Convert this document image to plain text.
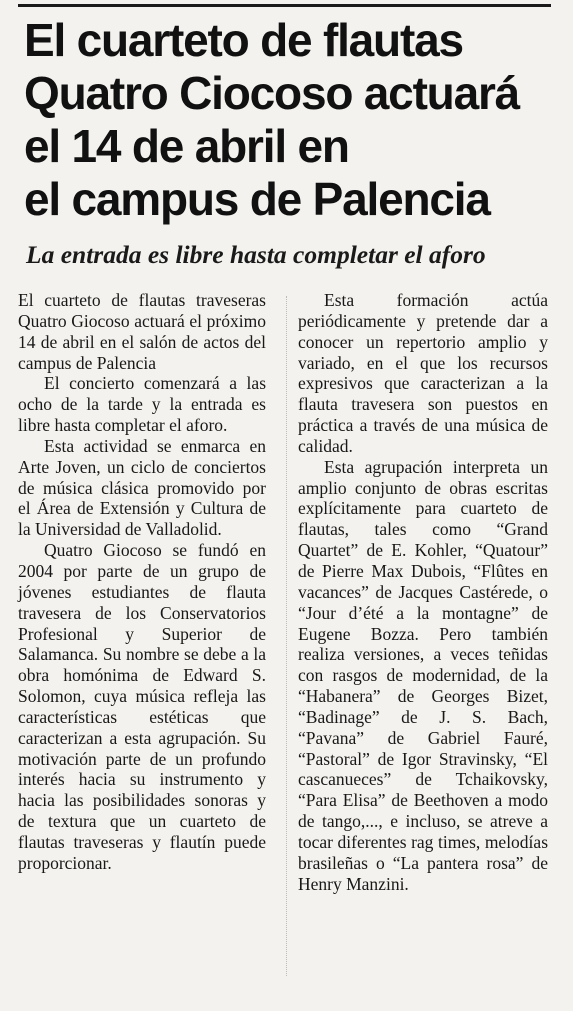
El cuarteto de flautas
Quatro Ciocoso actuará
el 14 de abril en
el campus de Palencia
La entrada es libre hasta completar el aforo

El cuarteto de flautas traveseras Quatro Giocoso actuará el próximo 14 de abril en el salón de actos del campus de Palencia

El concierto comenzará a las ocho de la tarde y la entrada es libre hasta completar el aforo.

Esta actividad se enmarca en Arte Joven, un ciclo de conciertos de música clásica promovido por el Área de Extensión y Cultura de la Universidad de Valladolid.

Quatro Giocoso se fundó en 2004 por parte de un grupo de jóvenes estudiantes de flauta travesera de los Conservatorios Profesional y Superior de Salamanca. Su nombre se debe a la obra homónima de Edward S. Solomon, cuya música refleja las características estéticas que caracterizan a esta agrupación. Su motivación parte de un profundo interés hacia su instrumento y hacia las posibilidades sonoras y de textura que un cuarteto de flautas traveseras y flautín puede proporcionar.

Esta formación actúa periódicamente y pretende dar a conocer un repertorio amplio y variado, en el que los recursos expresivos que caracterizan a la flauta travesera son puestos en práctica a través de una música de calidad.

Esta agrupación interpreta un amplio conjunto de obras escritas explícitamente para cuarteto de flautas, tales como “Grand Quartet” de E. Kohler, “Quatour” de Pierre Max Dubois, “Flûtes en vacances” de Jacques Castérede, o “Jour d’été a la montagne” de Eugene Bozza. Pero también realiza versiones, a veces teñidas con rasgos de modernidad, de la “Habanera” de Georges Bizet, “Badinage” de J. S. Bach, “Pavana” de Gabriel Fauré, “Pastoral” de Igor Stravinsky, “El cascanueces” de Tchaikovsky, “Para Elisa” de Beethoven a modo de tango,..., e incluso, se atreve a tocar diferentes rag times, melodías brasileñas o “La pantera rosa” de Henry Manzini.
